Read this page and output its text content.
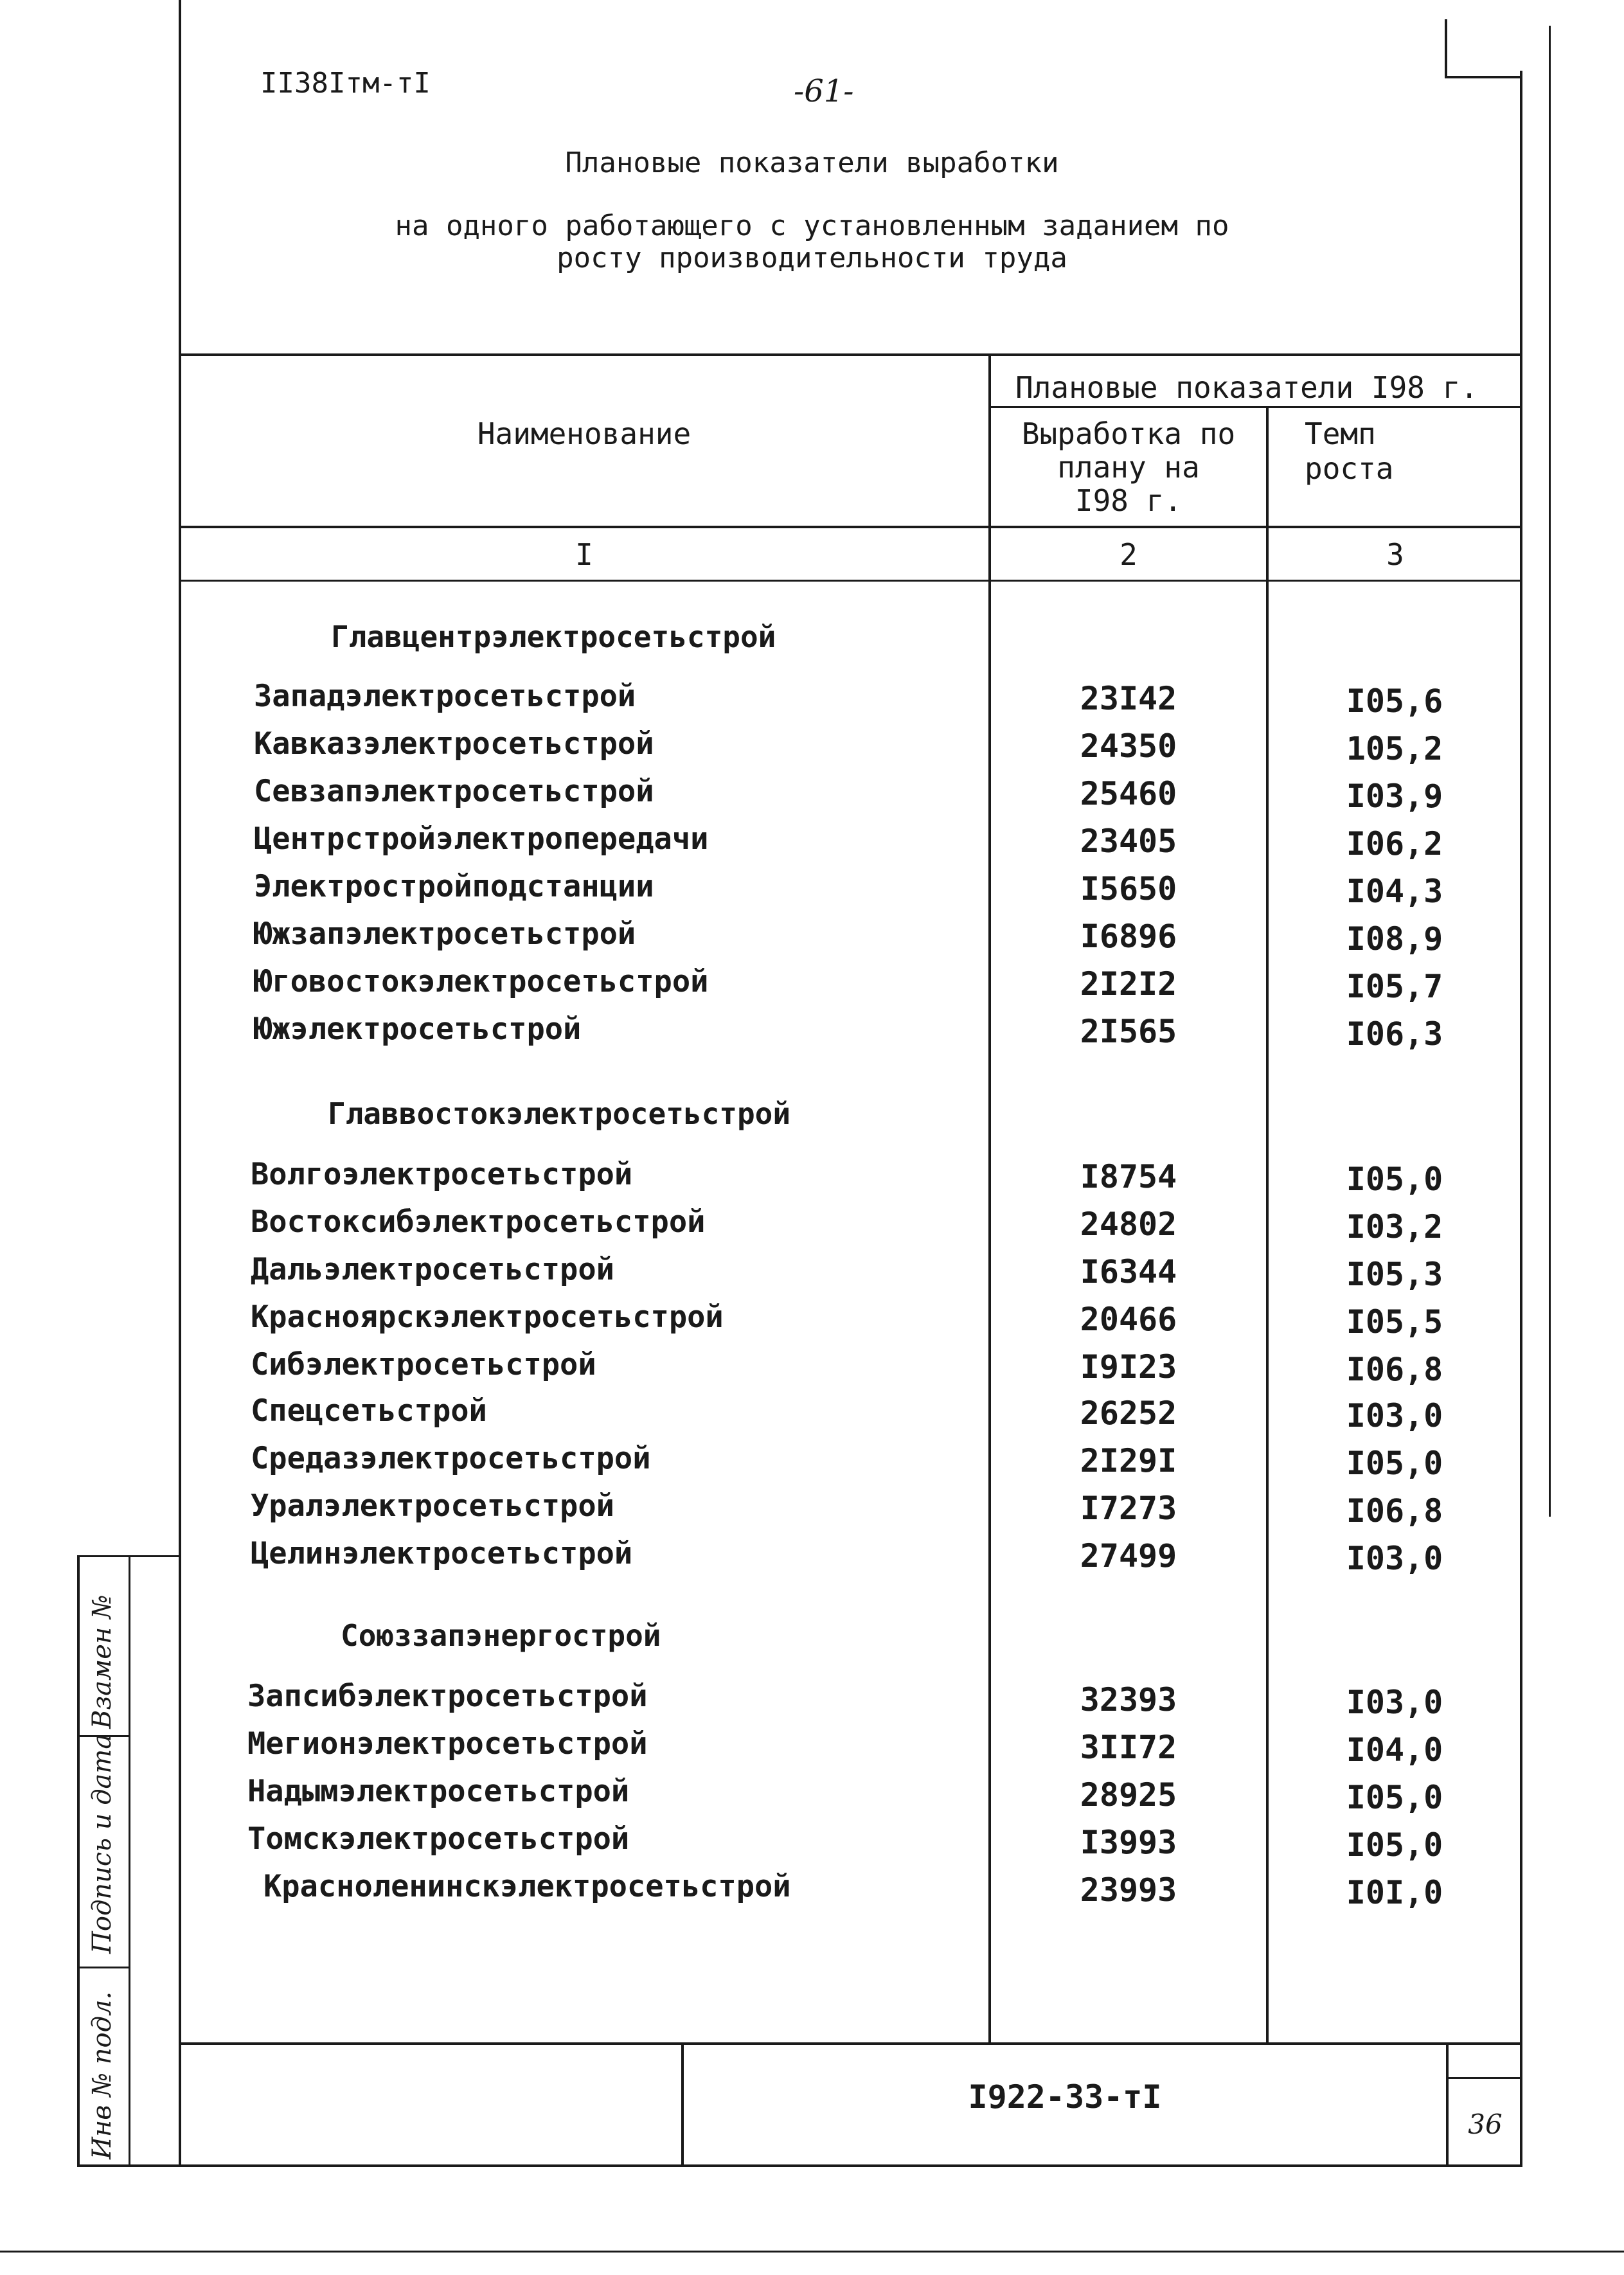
II38Iтм-тI	-61-
Плановые показатели выработки
на одного работающего с установленным заданием по
росту производительности труда
Наименование
Плановые показатели I98 г.
Выработка по
плану на
I98 г.
Темп
роста
I	2	3
Главцентрэлектросетьстрой
Западэлектросетьстрой	23I42	I05,6
Кавказэлектросетьстрой	24350	105,2
Севзапэлектросетьстрой	25460	I03,9
Центрстройэлектропередачи	23405	I06,2
Электростройподстанции	I5650	I04,3
Южзапэлектросетьстрой	I6896	I08,9
Юговостокэлектросетьстрой	2I2I2	I05,7
Южэлектросетьстрой	2I565	I06,3
Главвостокэлектросетьстрой
Волгоэлектросетьстрой	I8754	I05,0
Востоксибэлектросетьстрой	24802	I03,2
Дальэлектросетьстрой	I6344	I05,3
Красноярскэлектросетьстрой	20466	I05,5
Сибэлектросетьстрой	I9I23	I06,8
Спецсетьстрой	26252	I03,0
Средазэлектросетьстрой	2I29I	I05,0
Уралэлектросетьстрой	I7273	I06,8
Целинэлектросетьстрой	27499	I03,0
Союззапэнергострой
Запсибэлектросетьстрой	32393	I03,0
Мегионэлектросетьстрой	3II72	I04,0
Надымэлектросетьстрой	28925	I05,0
Томскэлектросетьстрой	I3993	I05,0
Красноленинскэлектросетьстрой	23993	I0I,0
I922-33-тI
36
Инв № подл.
Подпись и дата
Взамен №
